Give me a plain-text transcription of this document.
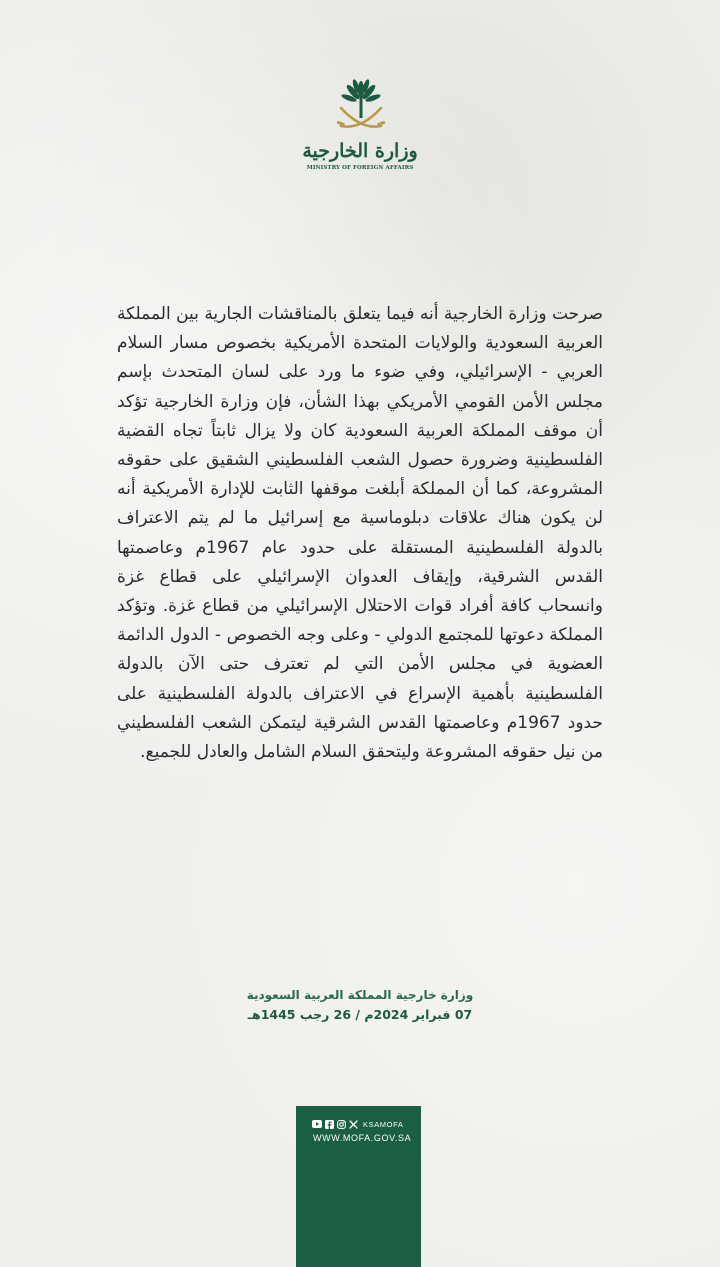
وزارة الخارجية
MINISTRY OF FOREIGN AFFAIRS

صرحت وزارة الخارجية أنه فيما يتعلق بالمناقشات الجارية بين المملكة العربية السعودية والولايات المتحدة الأمريكية بخصوص مسار السلام العربي - الإسرائيلي، وفي ضوء ما ورد على لسان المتحدث بإسم مجلس الأمن القومي الأمريكي بهذا الشأن، فإن وزارة الخارجية تؤكد أن موقف المملكة العربية السعودية كان ولا يزال ثابتاً تجاه القضية الفلسطينية وضرورة حصول الشعب الفلسطيني الشقيق على حقوقه المشروعة، كما أن المملكة أبلغت موقفها الثابت للإدارة الأمريكية أنه لن يكون هناك علاقات دبلوماسية مع إسرائيل ما لم يتم الاعتراف بالدولة الفلسطينية المستقلة على حدود عام 1967م وعاصمتها القدس الشرقية، وإيقاف العدوان الإسرائيلي على قطاع غزة وانسحاب كافة أفراد قوات الاحتلال الإسرائيلي من قطاع غزة. وتؤكد المملكة دعوتها للمجتمع الدولي - وعلى وجه الخصوص - الدول الدائمة العضوية في مجلس الأمن التي لم تعترف حتى الآن بالدولة الفلسطينية بأهمية الإسراع في الاعتراف بالدولة الفلسطينية على حدود 1967م وعاصمتها القدس الشرقية ليتمكن الشعب الفلسطيني من نيل حقوقه المشروعة وليتحقق السلام الشامل والعادل للجميع.

وزارة خارجية المملكة العربية السعودية
07 فبراير 2024م / 26 رجب 1445هـ
KSAMOFA
WWW.MOFA.GOV.SA
